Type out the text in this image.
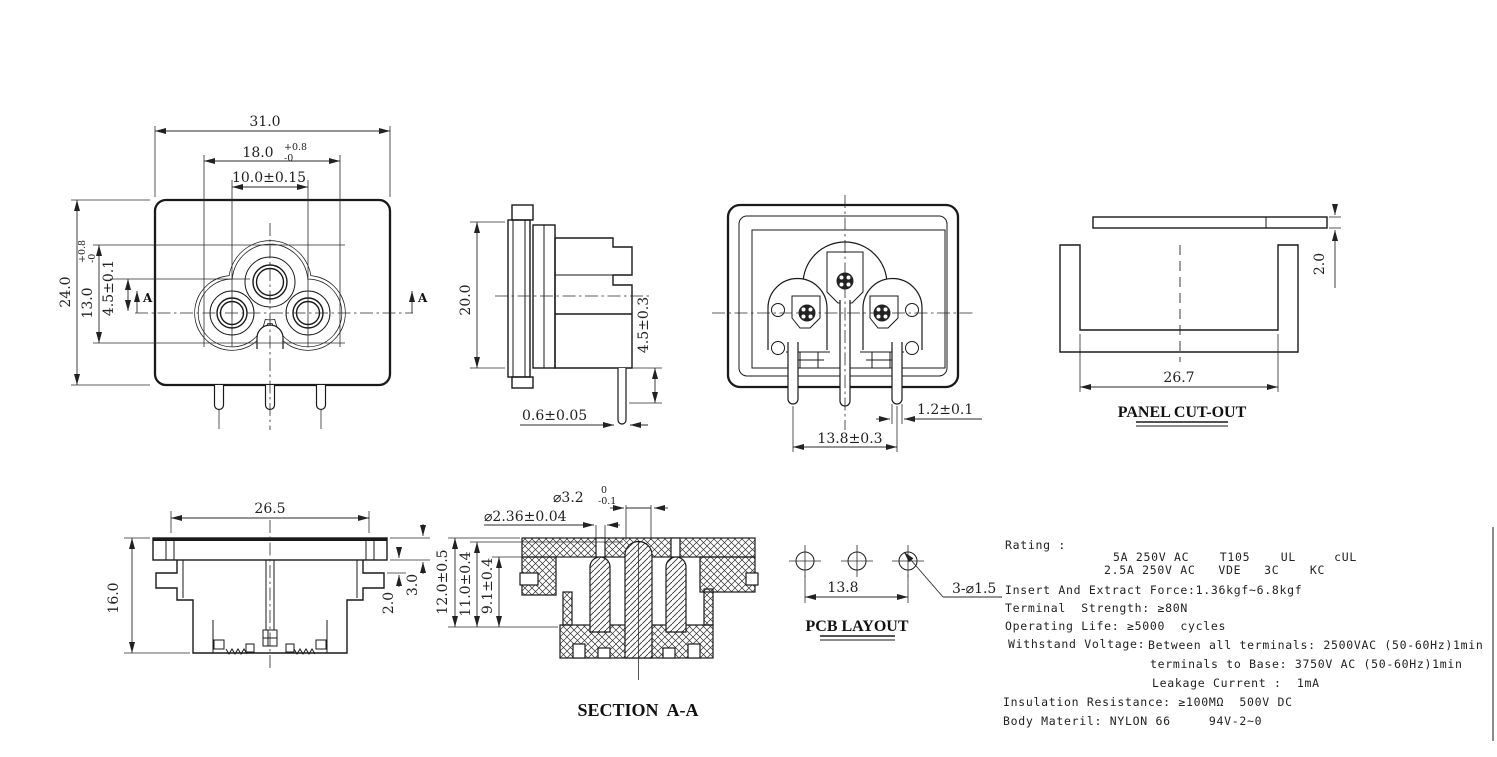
31.0
18.0 +0.8
-0
10.0±0.15
24.0 13.0
+0.8 -0
4.5±0.1 A	A 20.0	4.5±0.3
0.6±0.05
13.8±0.3
1.2±0.1
26.7
2.0
PANEL CUT-OUT
26.5
16.0	3.0
2.0
⌀3.2 0
-0.1
⌀2.36±0.04
12.0±0.5 11.0±0.4 9.1±0.4
SECTION  A-A
13.8	3-⌀1.5
PCB LAYOUT
Rating :
5A 250V AC    T105    UL     cUL
2.5A 250V AC   VDE   3C    KC
Insert And Extract Force:1.36kgf~6.8kgf
Terminal  Strength: ≥80N
Operating Life: ≥5000  cycles
Withstand Voltage: Between all terminals: 2500VAC (50-60Hz)1min
terminals to Base: 3750V AC (50-60Hz)1min
Leakage Current :  1mA
Insulation Resistance: ≥100MΩ  500V DC
Body Materil: NYLON 66     94V-2~0
